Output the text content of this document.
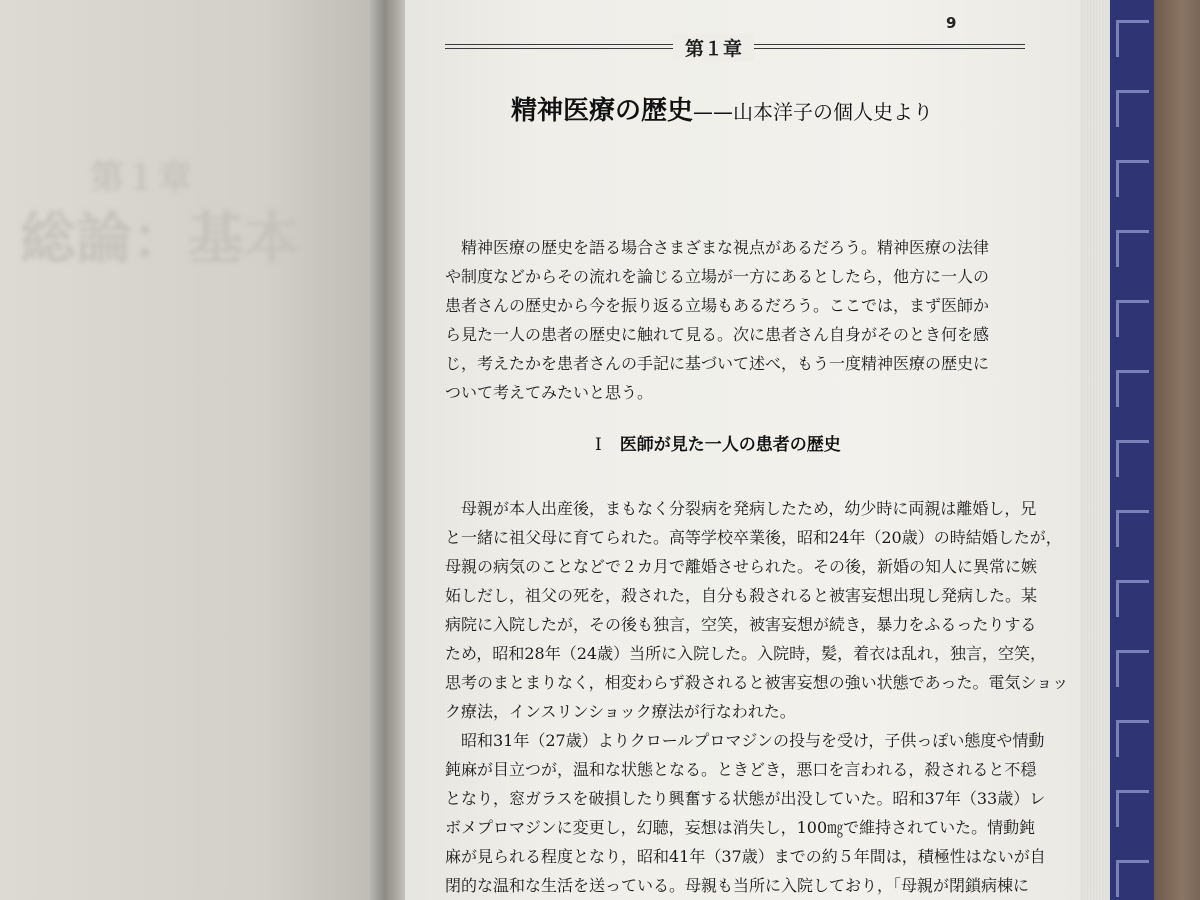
第１章
総論：基本
9
第１章
精神医療の歴史——山本洋子の個人史より
　精神医療の歴史を語る場合さまざまな視点があるだろう。精神医療の法律
や制度などからその流れを論じる立場が一方にあるとしたら，他方に一人の
患者さんの歴史から今を振り返る立場もあるだろう。ここでは，まず医師か
ら見た一人の患者の歴史に触れて見る。次に患者さん自身がそのとき何を感
じ，考えたかを患者さんの手記に基づいて述べ，もう一度精神医療の歴史に
ついて考えてみたいと思う。
Ⅰ 医師が見た一人の患者の歴史
　母親が本人出産後，まもなく分裂病を発病したため，幼少時に両親は離婚し，兄
と一緒に祖父母に育てられた。高等学校卒業後，昭和24年（20歳）の時結婚したが，
母親の病気のことなどで２カ月で離婚させられた。その後，新婚の知人に異常に嫉
妬しだし，祖父の死を，殺された，自分も殺されると被害妄想出現し発病した。某
病院に入院したが，その後も独言，空笑，被害妄想が続き，暴力をふるったりする
ため，昭和28年（24歳）当所に入院した。入院時，髪，着衣は乱れ，独言，空笑，
思考のまとまりなく，相変わらず殺されると被害妄想の強い状態であった。電気ショッ
ク療法，インスリンショック療法が行なわれた。
　昭和31年（27歳）よりクロールプロマジンの投与を受け，子供っぽい態度や情動
鈍麻が目立つが，温和な状態となる。ときどき，悪口を言われる，殺されると不穏
となり，窓ガラスを破損したり興奮する状態が出没していた。昭和37年（33歳）レ
ボメプロマジンに変更し，幻聴，妄想は消失し，100㎎で維持されていた。情動鈍
麻が見られる程度となり，昭和41年（37歳）までの約５年間は，積極性はないが自
閉的な温和な生活を送っている。母親も当所に入院しており，「母親が閉鎖病棟に
